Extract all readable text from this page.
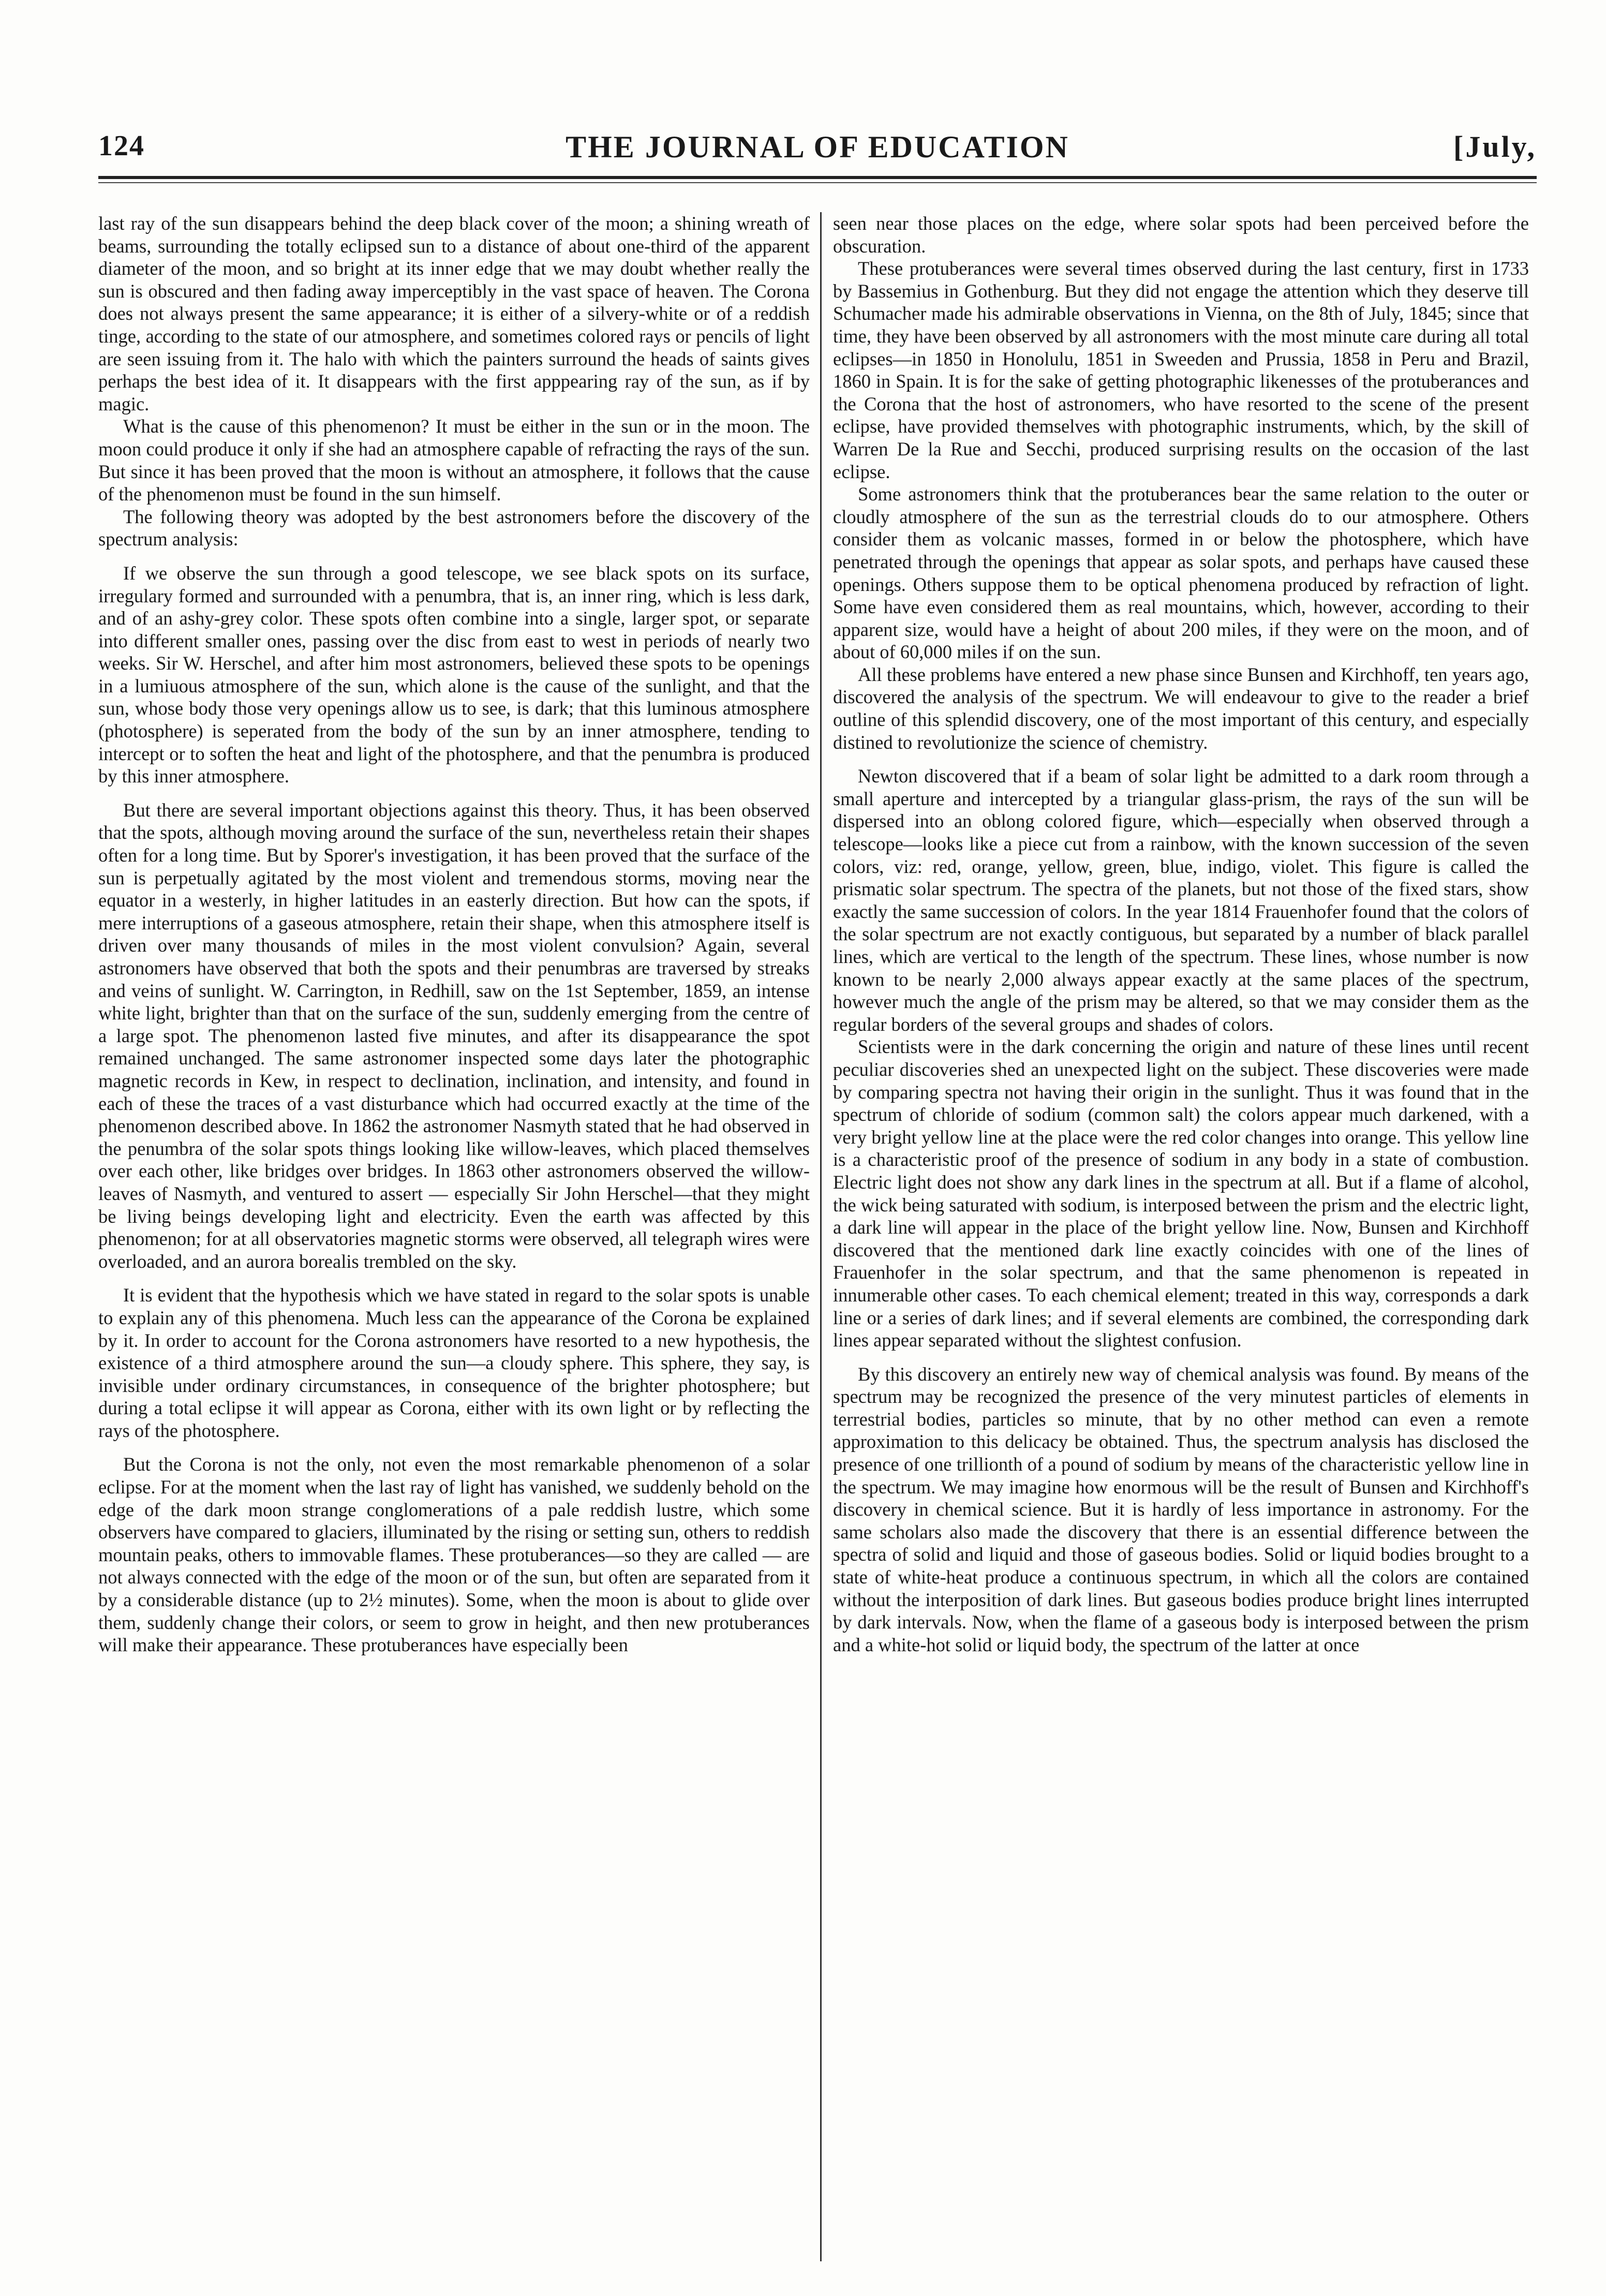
124	THE JOURNAL OF EDUCATION	[July,

last ray of the sun disappears behind the deep black cover of the moon; a shining wreath of beams, surrounding the totally eclipsed sun to a distance of about one-third of the apparent diameter of the moon, and so bright at its inner edge that we may doubt whether really the sun is obscured and then fading away imperceptibly in the vast space of heaven. The Corona does not always present the same appearance; it is either of a silvery-white or of a reddish tinge, according to the state of our atmosphere, and sometimes colored rays or pencils of light are seen issuing from it. The halo with which the painters surround the heads of saints gives perhaps the best idea of it. It disappears with the first apppearing ray of the sun, as if by magic.

What is the cause of this phenomenon? It must be either in the sun or in the moon. The moon could produce it only if she had an atmosphere capable of refracting the rays of the sun. But since it has been proved that the moon is without an atmosphere, it follows that the cause of the phenomenon must be found in the sun himself.

The following theory was adopted by the best astronomers before the discovery of the spectrum analysis:

If we observe the sun through a good telescope, we see black spots on its surface, irregulary formed and surrounded with a penumbra, that is, an inner ring, which is less dark, and of an ashy-grey color. These spots often combine into a single, larger spot, or separate into different smaller ones, passing over the disc from east to west in periods of nearly two weeks. Sir W. Herschel, and after him most astronomers, believed these spots to be openings in a lumiuous atmosphere of the sun, which alone is the cause of the sunlight, and that the sun, whose body those very openings allow us to see, is dark; that this luminous atmosphere (photosphere) is seperated from the body of the sun by an inner atmosphere, tending to intercept or to soften the heat and light of the photosphere, and that the penumbra is produced by this inner atmosphere.

But there are several important objections against this theory. Thus, it has been observed that the spots, although moving around the surface of the sun, nevertheless retain their shapes often for a long time. But by Sporer's investigation, it has been proved that the surface of the sun is perpetually agitated by the most violent and tremendous storms, moving near the equator in a westerly, in higher latitudes in an easterly direction. But how can the spots, if mere interruptions of a gaseous atmosphere, retain their shape, when this atmosphere itself is driven over many thousands of miles in the most violent convulsion? Again, several astronomers have observed that both the spots and their penumbras are traversed by streaks and veins of sunlight. W. Carrington, in Redhill, saw on the 1st September, 1859, an intense white light, brighter than that on the surface of the sun, suddenly emerging from the centre of a large spot. The phenomenon lasted five minutes, and after its disappearance the spot remained unchanged. The same astronomer inspected some days later the photographic magnetic records in Kew, in respect to declination, inclination, and intensity, and found in each of these the traces of a vast disturbance which had occurred exactly at the time of the phenomenon described above. In 1862 the astronomer Nasmyth stated that he had observed in the penumbra of the solar spots things looking like willow-leaves, which placed themselves over each other, like bridges over bridges. In 1863 other astronomers observed the willow-leaves of Nasmyth, and ventured to assert — especially Sir John Herschel—that they might be living beings developing light and electricity. Even the earth was affected by this phenomenon; for at all observatories magnetic storms were observed, all telegraph wires were overloaded, and an aurora borealis trembled on the sky.

It is evident that the hypothesis which we have stated in regard to the solar spots is unable to explain any of this phenomena. Much less can the appearance of the Corona be explained by it. In order to account for the Corona astronomers have resorted to a new hypothesis, the existence of a third atmosphere around the sun—a cloudy sphere. This sphere, they say, is invisible under ordinary circumstances, in consequence of the brighter photosphere; but during a total eclipse it will appear as Corona, either with its own light or by reflecting the rays of the photosphere.

But the Corona is not the only, not even the most remarkable phenomenon of a solar eclipse. For at the moment when the last ray of light has vanished, we suddenly behold on the edge of the dark moon strange conglomerations of a pale reddish lustre, which some observers have compared to glaciers, illuminated by the rising or setting sun, others to reddish mountain peaks, others to immovable flames. These protuberances—so they are called — are not always connected with the edge of the moon or of the sun, but often are separated from it by a considerable distance (up to 2½ minutes). Some, when the moon is about to glide over them, suddenly change their colors, or seem to grow in height, and then new protuberances will make their appearance. These protuberances have especially been

seen near those places on the edge, where solar spots had been perceived before the obscuration.

These protuberances were several times observed during the last century, first in 1733 by Bassemius in Gothenburg. But they did not engage the attention which they deserve till Schumacher made his admirable observations in Vienna, on the 8th of July, 1845; since that time, they have been observed by all astronomers with the most minute care during all total eclipses—in 1850 in Honolulu, 1851 in Sweeden and Prussia, 1858 in Peru and Brazil, 1860 in Spain. It is for the sake of getting photographic likenesses of the protuberances and the Corona that the host of astronomers, who have resorted to the scene of the present eclipse, have provided themselves with photographic instruments, which, by the skill of Warren De la Rue and Secchi, produced surprising results on the occasion of the last eclipse.

Some astronomers think that the protuberances bear the same relation to the outer or cloudly atmosphere of the sun as the terrestrial clouds do to our atmosphere. Others consider them as volcanic masses, formed in or below the photosphere, which have penetrated through the openings that appear as solar spots, and perhaps have caused these openings. Others suppose them to be optical phenomena produced by refraction of light. Some have even considered them as real mountains, which, however, according to their apparent size, would have a height of about 200 miles, if they were on the moon, and of about of 60,000 miles if on the sun.

All these problems have entered a new phase since Bunsen and Kirchhoff, ten years ago, discovered the analysis of the spectrum. We will endeavour to give to the reader a brief outline of this splendid discovery, one of the most important of this century, and especially distined to revolutionize the science of chemistry.

Newton discovered that if a beam of solar light be admitted to a dark room through a small aperture and intercepted by a triangular glass-prism, the rays of the sun will be dispersed into an oblong colored figure, which—especially when observed through a telescope—looks like a piece cut from a rainbow, with the known succession of the seven colors, viz: red, orange, yellow, green, blue, indigo, violet. This figure is called the prismatic solar spectrum. The spectra of the planets, but not those of the fixed stars, show exactly the same succession of colors. In the year 1814 Frauenhofer found that the colors of the solar spectrum are not exactly contiguous, but separated by a number of black parallel lines, which are vertical to the length of the spectrum. These lines, whose number is now known to be nearly 2,000 always appear exactly at the same places of the spectrum, however much the angle of the prism may be altered, so that we may consider them as the regular borders of the several groups and shades of colors.

Scientists were in the dark concerning the origin and nature of these lines until recent peculiar discoveries shed an unexpected light on the subject. These discoveries were made by comparing spectra not having their origin in the sunlight. Thus it was found that in the spectrum of chloride of sodium (common salt) the colors appear much darkened, with a very bright yellow line at the place were the red color changes into orange. This yellow line is a characteristic proof of the presence of sodium in any body in a state of combustion. Electric light does not show any dark lines in the spectrum at all. But if a flame of alcohol, the wick being saturated with sodium, is interposed between the prism and the electric light, a dark line will appear in the place of the bright yellow line. Now, Bunsen and Kirchhoff discovered that the mentioned dark line exactly coincides with one of the lines of Frauenhofer in the solar spectrum, and that the same phenomenon is repeated in innumerable other cases. To each chemical element; treated in this way, corresponds a dark line or a series of dark lines; and if several elements are combined, the corresponding dark lines appear separated without the slightest confusion.

By this discovery an entirely new way of chemical analysis was found. By means of the spectrum may be recognized the presence of the very minutest particles of elements in terrestrial bodies, particles so minute, that by no other method can even a remote approximation to this delicacy be obtained. Thus, the spectrum analysis has disclosed the presence of one trillionth of a pound of sodium by means of the characteristic yellow line in the spectrum. We may imagine how enormous will be the result of Bunsen and Kirchhoff's discovery in chemical science. But it is hardly of less importance in astronomy. For the same scholars also made the discovery that there is an essential difference between the spectra of solid and liquid and those of gaseous bodies. Solid or liquid bodies brought to a state of white-heat produce a continuous spectrum, in which all the colors are contained without the interposition of dark lines. But gaseous bodies produce bright lines interrupted by dark intervals. Now, when the flame of a gaseous body is interposed between the prism and a white-hot solid or liquid body, the spectrum of the latter at once
